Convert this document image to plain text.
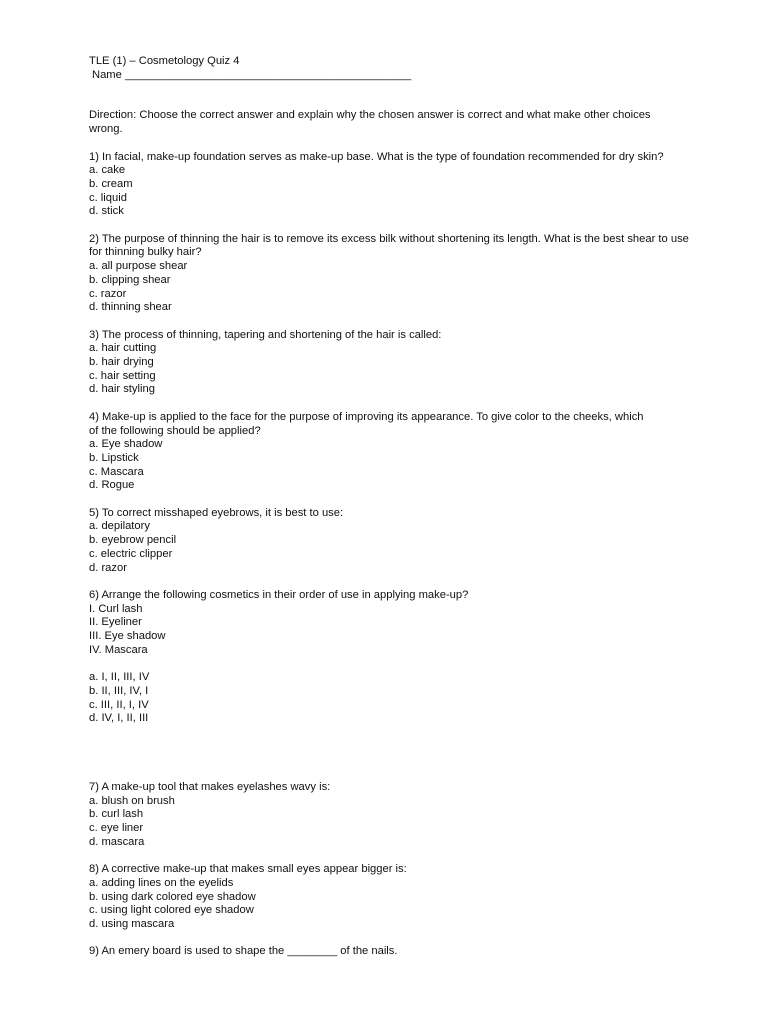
TLE (1) – Cosmetology Quiz 4
Name ______________________________________________
Direction: Choose the correct answer and explain why the chosen answer is correct and what make other choices wrong.
1) In facial, make-up foundation serves as make-up base. What is the type of foundation recommended for dry skin?
a. cake
b. cream
c. liquid
d. stick
2) The purpose of thinning the hair is to remove its excess bilk without shortening its length. What is the best shear to use for thinning bulky hair?
a. all purpose shear
b. clipping shear
c. razor
d. thinning shear
3) The process of thinning, tapering and shortening of the hair is called:
a. hair cutting
b. hair drying
c. hair setting
d. hair styling
4) Make-up is applied to the face for the purpose of improving its appearance. To give color to the cheeks, which of the following should be applied?
a. Eye shadow
b. Lipstick
c. Mascara
d. Rogue
5) To correct misshaped eyebrows, it is best to use:
a. depilatory
b. eyebrow pencil
c. electric clipper
d. razor
6) Arrange the following cosmetics in their order of use in applying make-up?
I. Curl lash
II. Eyeliner
III. Eye shadow
IV. Mascara
a. I, II, III, IV
b. II, III, IV, I
c. III, II, I, IV
d. IV, I, II, III
7) A make-up tool that makes eyelashes wavy is:
a. blush on brush
b. curl lash
c. eye liner
d. mascara
8) A corrective make-up that makes small eyes appear bigger is:
a. adding lines on the eyelids
b. using dark colored eye shadow
c. using light colored eye shadow
d. using mascara
9) An emery board is used to shape the ________ of the nails.
